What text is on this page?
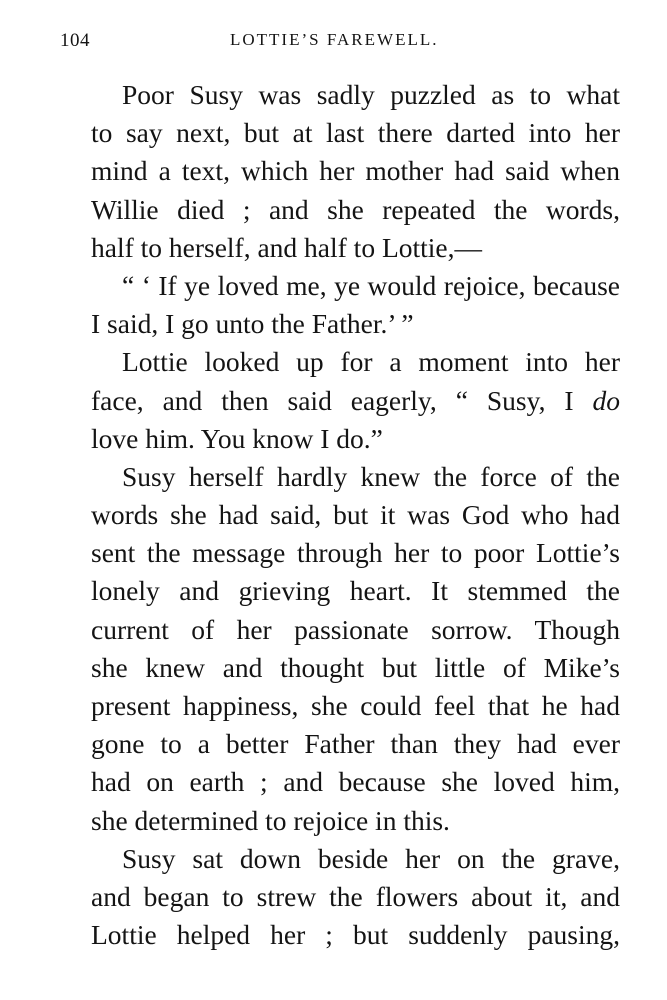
104	LOTTIE’S FAREWELL.
Poor Susy was sadly puzzled as to what
to say next, but at last there darted into her
mind a text, which her mother had said when
Willie died ; and she repeated the words,
half to herself, and half to Lottie,—
“ ‘ If ye loved me, ye would rejoice, because
I said, I go unto the Father.’ ”
Lottie looked up for a moment into her
face, and then said eagerly, “ Susy, I do
love him. You know I do.”
Susy herself hardly knew the force of the
words she had said, but it was God who had
sent the message through her to poor Lottie’s
lonely and grieving heart. It stemmed the
current of her passionate sorrow. Though
she knew and thought but little of Mike’s
present happiness, she could feel that he had
gone to a better Father than they had ever
had on earth ; and because she loved him,
she determined to rejoice in this.
Susy sat down beside her on the grave,
and began to strew the flowers about it, and
Lottie helped her ; but suddenly pausing,
